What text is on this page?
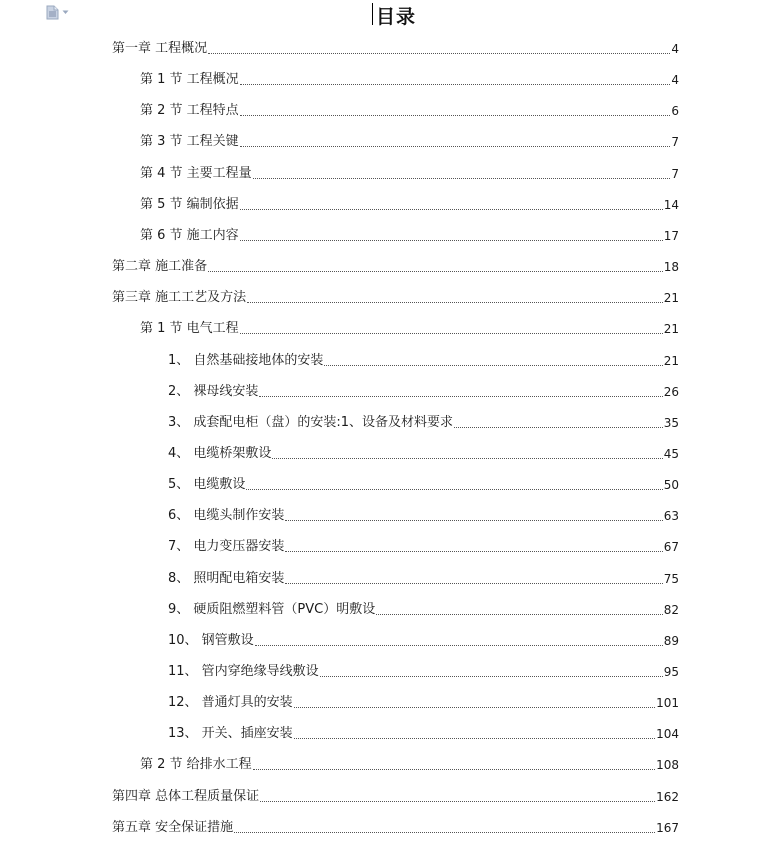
目录
第一章 工程概况	4
第 1 节 工程概况	4
第 2 节 工程特点	6
第 3 节 工程关键	7
第 4 节 主要工程量	7
第 5 节 编制依据	14
第 6 节 施工内容	17
第二章 施工准备	18
第三章 施工工艺及方法	21
第 1 节 电气工程	21
1、 自然基础接地体的安装	21
2、 裸母线安装	26
3、 成套配电柜（盘）的安装:1、设备及材料要求	35
4、 电缆桥架敷设	45
5、 电缆敷设	50
6、 电缆头制作安装	63
7、 电力变压器安装	67
8、 照明配电箱安装	75
9、 硬质阻燃塑料管（PVC）明敷设	82
10、 钢管敷设	89
11、 管内穿绝缘导线敷设	95
12、 普通灯具的安装	101
13、 开关、插座安装	104
第 2 节 给排水工程	108
第四章 总体工程质量保证	162
第五章 安全保证措施	167
